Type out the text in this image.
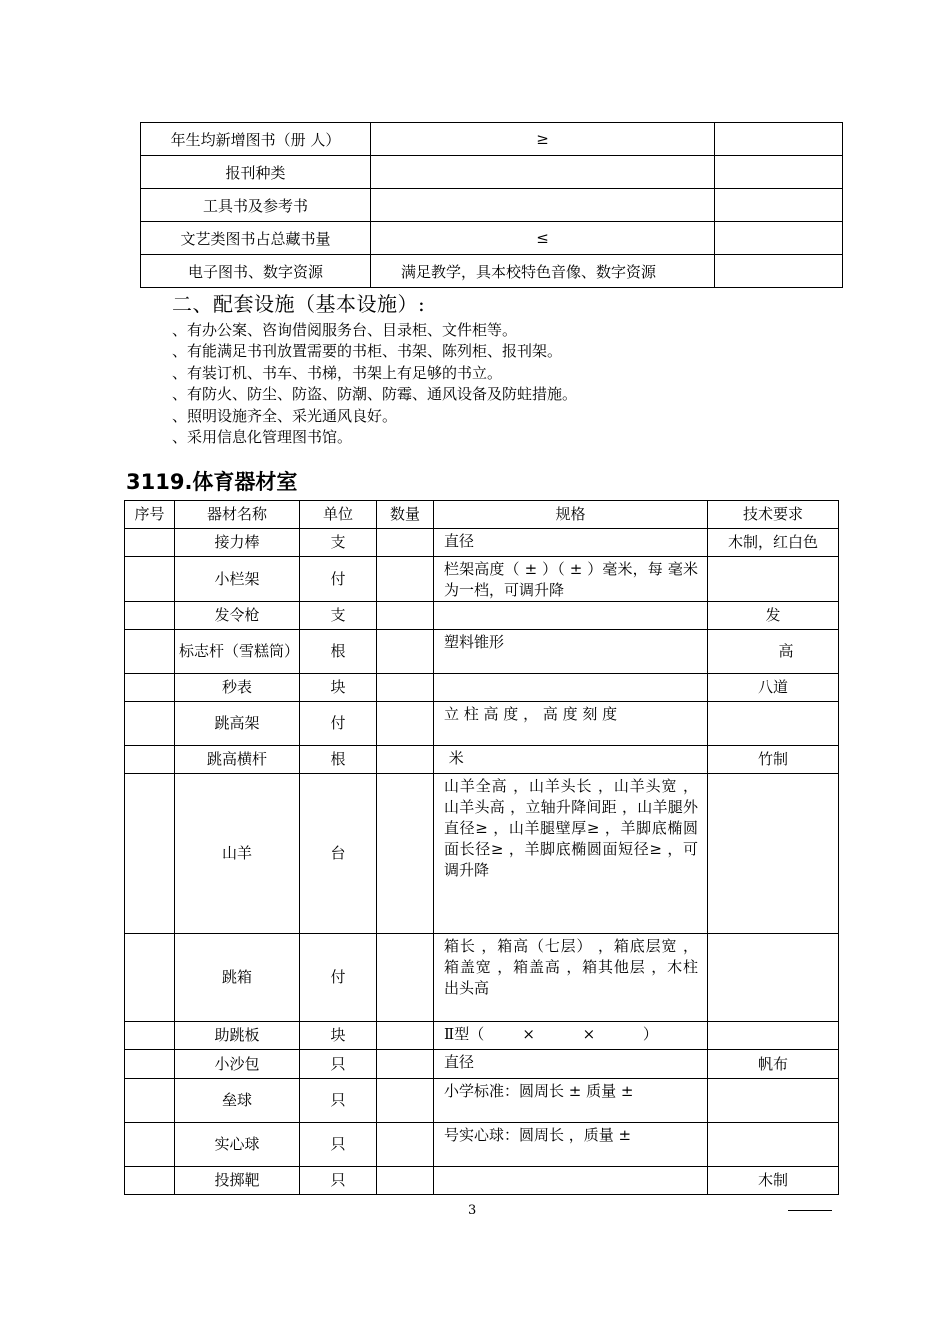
年生均新增图书（册 人）	≥	
报刊种类		
工具书及参考书		
文艺类图书占总藏书量	≤	
电子图书、数字资源	满足教学，具本校特色音像、数字资源	
二、配套设施（基本设施）:
、有办公案、咨询借阅服务台、目录柜、文件柜等。
、有能满足书刊放置需要的书柜、书架、陈列柜、报刊架。
、有装订机、书车、书梯，书架上有足够的书立。
、有防火、防尘、防盗、防潮、防霉、通风设备及防蛀措施。
、照明设施齐全、采光通风良好。
、采用信息化管理图书馆。
3119.体育器材室
序号	器材名称	单位	数量	规格	技术要求
	接力棒	支		直径	木制，红白色
	小栏架	付		栏架高度（ ± ）（ ± ）毫米，每 毫米为一档，可调升降	
	发令枪	支			发
	标志杆（雪糕筒）	根		塑料锥形	高
	秒表	块			八道
	跳高架	付		立 柱 高 度 ， 高 度 刻 度	
	跳高横杆	根		米	竹制
	山羊	台		山羊全高 ，山羊头长 ，山羊头宽 ，山羊头高 ，立轴升降间距 ，山羊腿外直径≥ ，山羊腿壁厚≥ ，羊脚底椭圆面长径≥ ，羊脚底椭圆面短径≥ ，可调升降	
	跳箱	付		箱长 ，箱高（七层） ，箱底层宽 ，箱盖宽 ，箱盖高 ，箱其他层 ，木柱出头高	
	助跳板	块		Ⅱ型（        ×          ×          ）	
	小沙包	只		直径	帆布
	垒球	只		小学标准：圆周长 ± 质量 ±	
	实心球	只		号实心球：圆周长 ，质量 ±	
	投掷靶	只			木制
3
